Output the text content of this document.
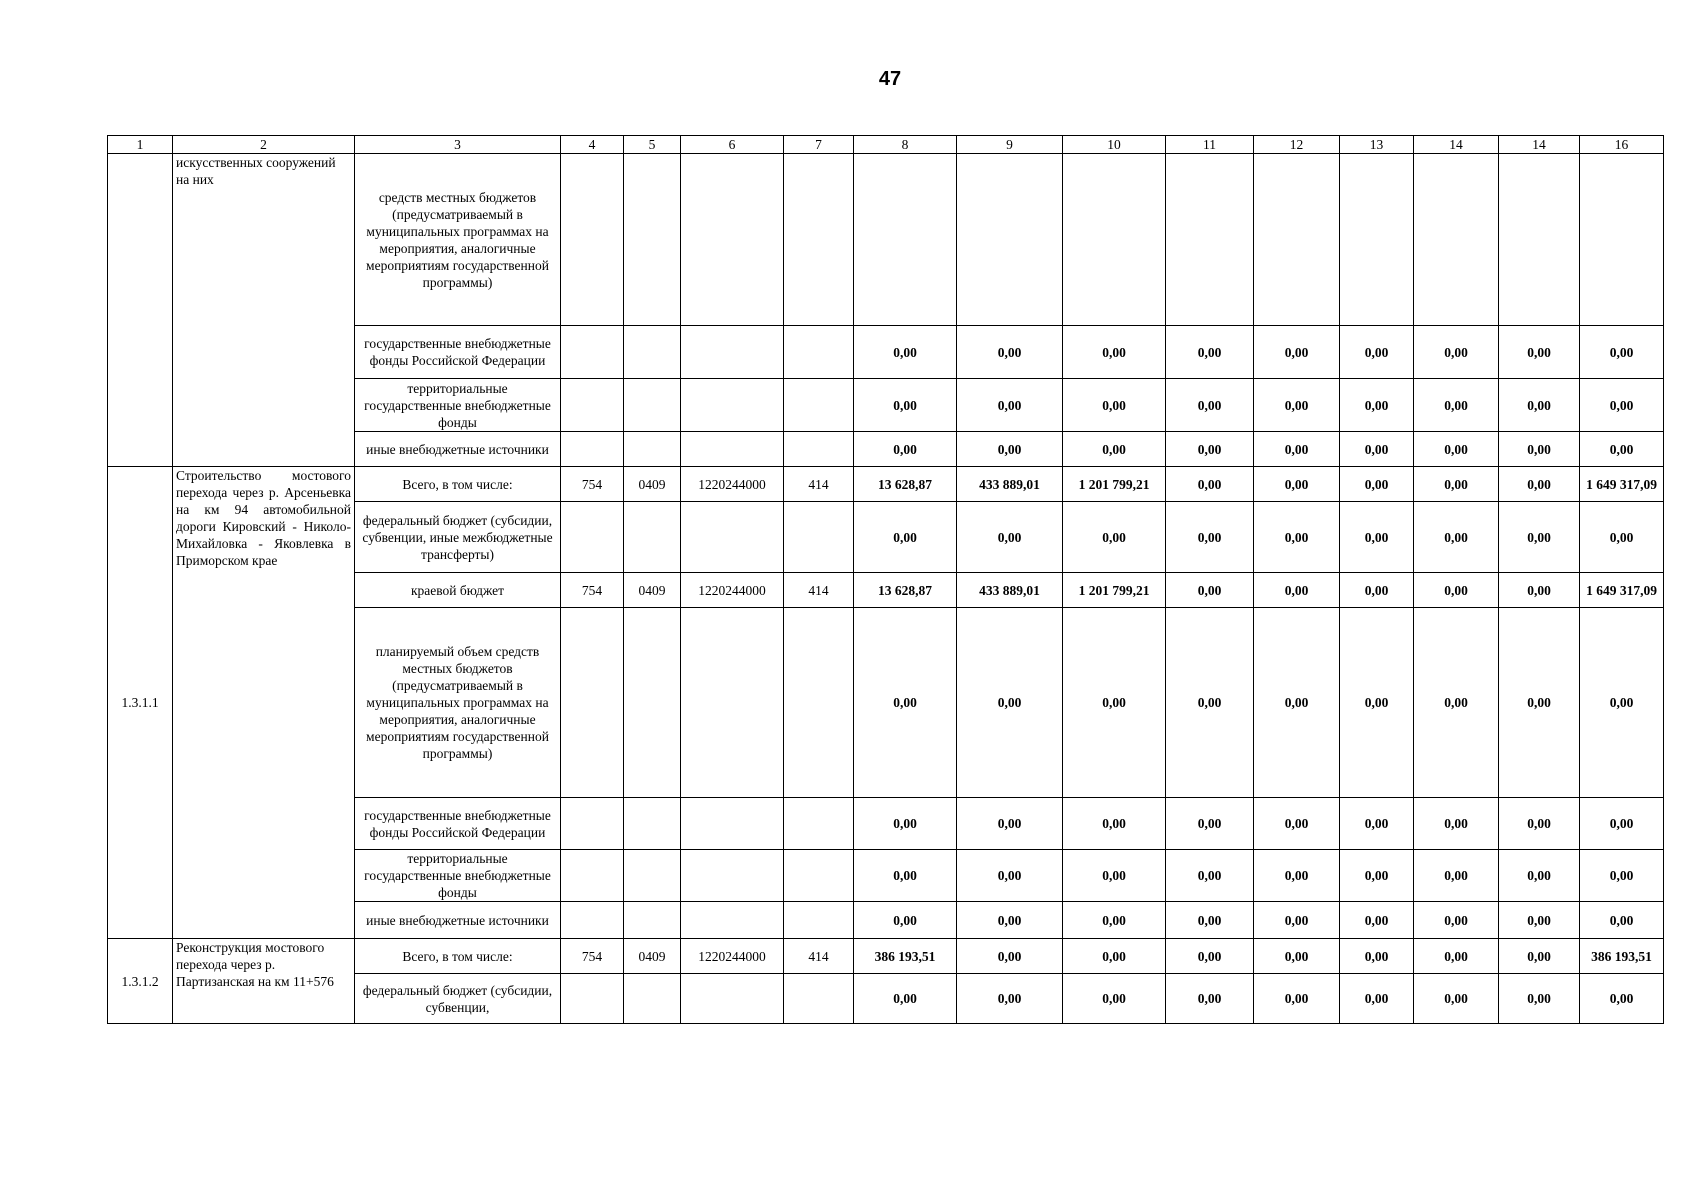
47
1	2	3	4	5	6	7	8	9	10	11	12	13	14	14	16
	искусственных сооружений на них	средств местных бюджетов (предусматриваемый в муниципальных программах на мероприятия, аналогичные мероприятиям государственной программы)													
		государственные внебюджетные фонды Российской Федерации					0,00	0,00	0,00	0,00	0,00	0,00	0,00	0,00	0,00
		территориальные государственные внебюджетные фонды					0,00	0,00	0,00	0,00	0,00	0,00	0,00	0,00	0,00
		иные внебюджетные источники					0,00	0,00	0,00	0,00	0,00	0,00	0,00	0,00	0,00
1.3.1.1	Строительство мостового перехода через р. Арсеньевка на км 94 автомобильной дороги Кировский - Николо-Михайловка - Яковлевка в Приморском крае	Всего, в том числе:	754	0409	1220244000	414	13 628,87	433 889,01	1 201 799,21	0,00	0,00	0,00	0,00	0,00	1 649 317,09
		федеральный бюджет (субсидии, субвенции, иные межбюджетные трансферты)					0,00	0,00	0,00	0,00	0,00	0,00	0,00	0,00	0,00
		краевой бюджет	754	0409	1220244000	414	13 628,87	433 889,01	1 201 799,21	0,00	0,00	0,00	0,00	0,00	1 649 317,09
		планируемый объем средств местных бюджетов (предусматриваемый в муниципальных программах на мероприятия, аналогичные мероприятиям государственной программы)					0,00	0,00	0,00	0,00	0,00	0,00	0,00	0,00	0,00
		государственные внебюджетные фонды Российской Федерации					0,00	0,00	0,00	0,00	0,00	0,00	0,00	0,00	0,00
		территориальные государственные внебюджетные фонды					0,00	0,00	0,00	0,00	0,00	0,00	0,00	0,00	0,00
		иные внебюджетные источники					0,00	0,00	0,00	0,00	0,00	0,00	0,00	0,00	0,00
1.3.1.2	Реконструкция мостового перехода через р. Партизанская на км 11+576	Всего, в том числе:	754	0409	1220244000	414	386 193,51	0,00	0,00	0,00	0,00	0,00	0,00	0,00	386 193,51
		федеральный бюджет (субсидии, субвенции,					0,00	0,00	0,00	0,00	0,00	0,00	0,00	0,00	0,00
